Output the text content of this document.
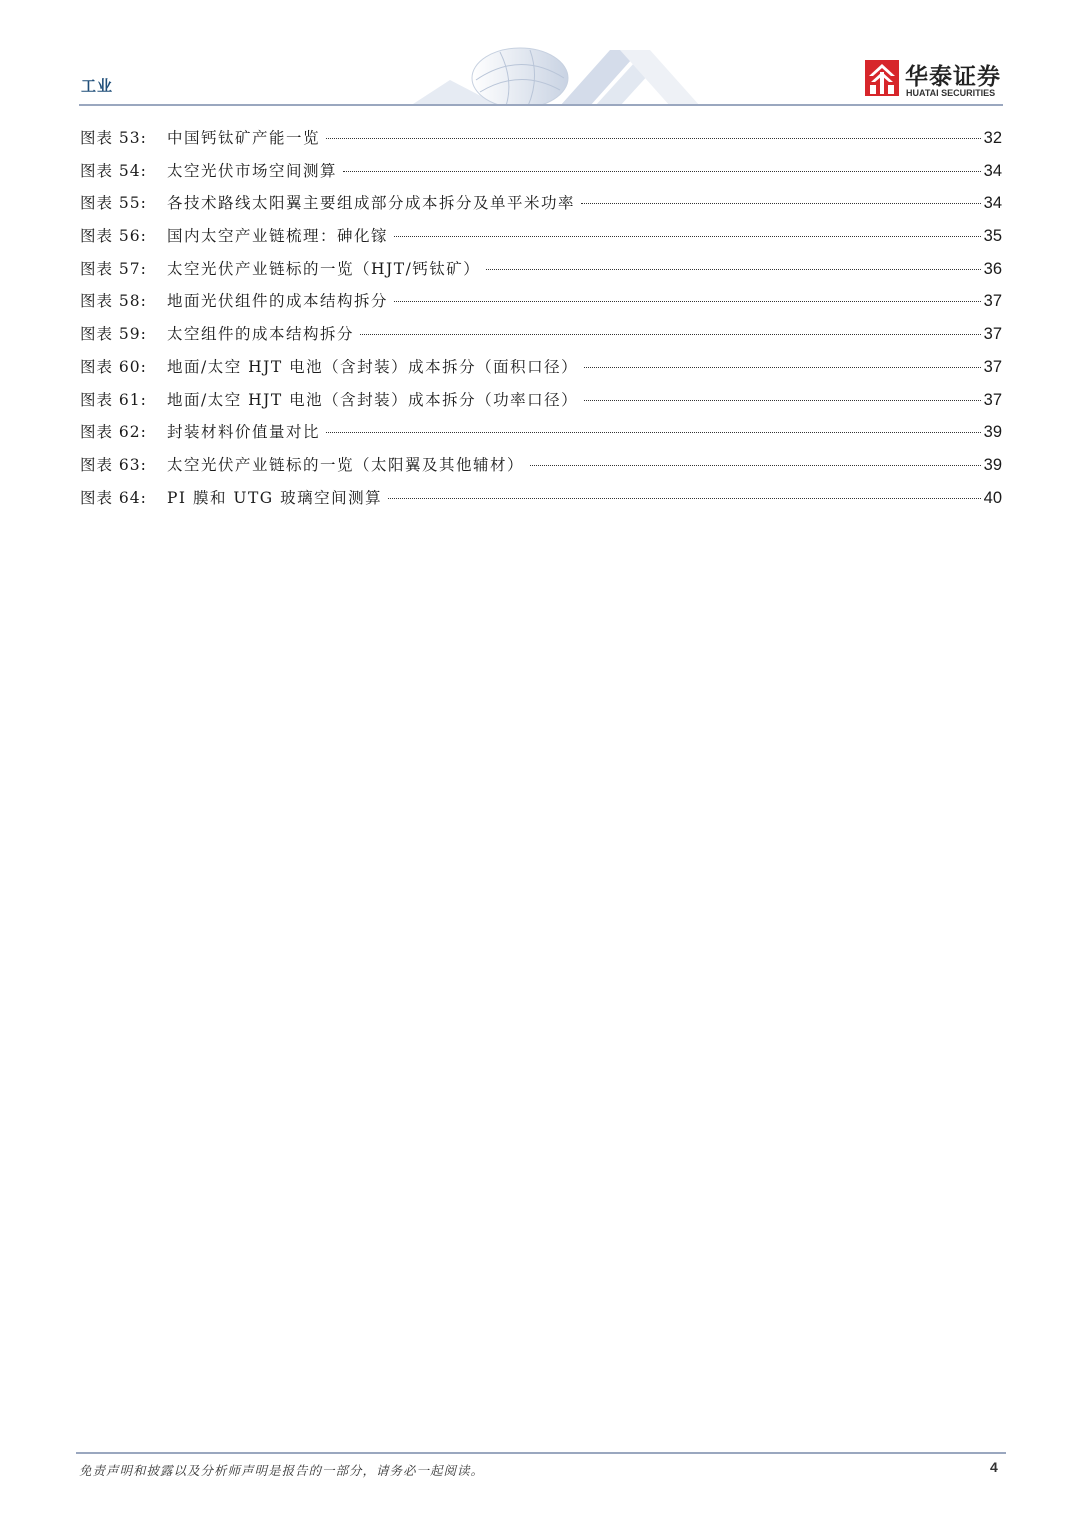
工业	华泰证券
HUATAI SECURITIES
图表 53:	中国钙钛矿产能一览	32
图表 54:	太空光伏市场空间测算	34
图表 55:	各技术路线太阳翼主要组成部分成本拆分及单平米功率	34
图表 56:	国内太空产业链梳理：砷化镓	35
图表 57:	太空光伏产业链标的一览（HJT/钙钛矿）	36
图表 58:	地面光伏组件的成本结构拆分	37
图表 59:	太空组件的成本结构拆分	37
图表 60:	地面/太空 HJT 电池（含封装）成本拆分（面积口径）	37
图表 61:	地面/太空 HJT 电池（含封装）成本拆分（功率口径）	37
图表 62:	封装材料价值量对比	39
图表 63:	太空光伏产业链标的一览（太阳翼及其他辅材）	39
图表 64:	PI 膜和 UTG 玻璃空间测算	40
免责声明和披露以及分析师声明是报告的一部分，请务必一起阅读。	4
